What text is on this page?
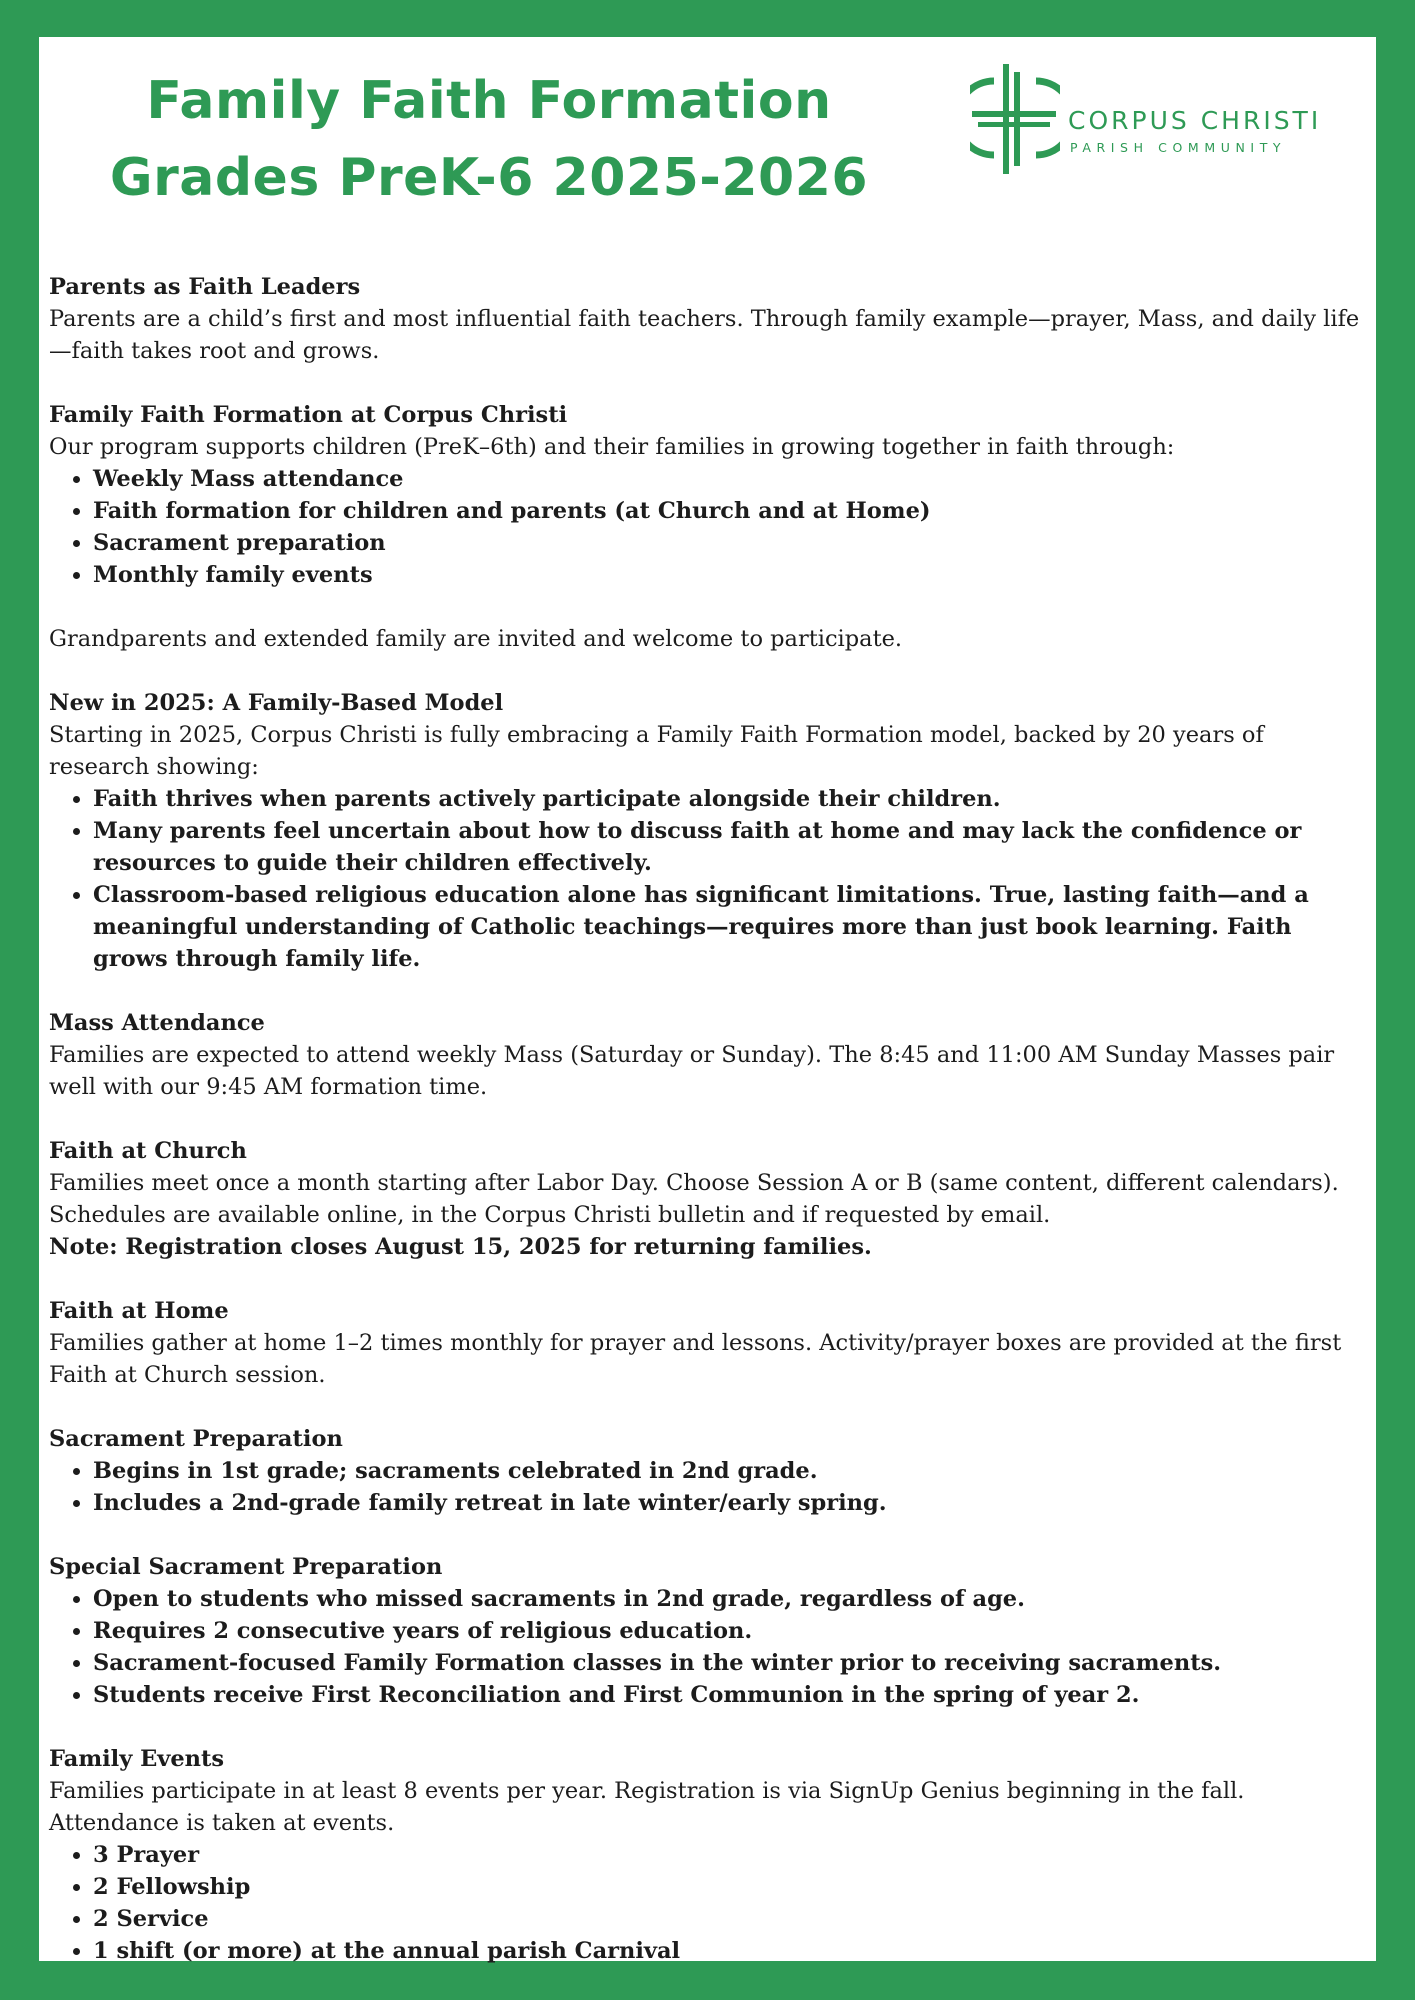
Family Faith Formation
Grades PreK-6 2025-2026
CORPUS CHRISTI
PARISH COMMUNITY
Parents as Faith Leaders

Parents are a child’s first and most influential faith teachers. Through family example—prayer, Mass, and daily life—faith takes root and grows.

Family Faith Formation at Corpus Christi

Our program supports children (PreK–6th) and their families in growing together in faith through:

• Weekly Mass attendance
• Faith formation for children and parents (at Church and at Home)
• Sacrament preparation
• Monthly family events

Grandparents and extended family are invited and welcome to participate.

New in 2025: A Family-Based Model

Starting in 2025, Corpus Christi is fully embracing a Family Faith Formation model, backed by 20 years of research showing:

• Faith thrives when parents actively participate alongside their children.
• Many parents feel uncertain about how to discuss faith at home and may lack the confidence or resources to guide their children effectively.
• Classroom-based religious education alone has significant limitations. True, lasting faith—and a meaningful understanding of Catholic teachings—requires more than just book learning. Faith grows through family life.
Mass Attendance

Families are expected to attend weekly Mass (Saturday or Sunday). The 8:45 and 11:00 AM Sunday Masses pair well with our 9:45 AM formation time.

Faith at Church

Families meet once a month starting after Labor Day. Choose Session A or B (same content, different calendars). Schedules are available online, in the Corpus Christi bulletin and if requested by email.

Note: Registration closes August 15, 2025 for returning families.

Faith at Home

Families gather at home 1–2 times monthly for prayer and lessons. Activity/prayer boxes are provided at the first Faith at Church session.

Sacrament Preparation
• Begins in 1st grade; sacraments celebrated in 2nd grade.
• Includes a 2nd-grade family retreat in late winter/early spring.
Special Sacrament Preparation
• Open to students who missed sacraments in 2nd grade, regardless of age.
• Requires 2 consecutive years of religious education.
• Sacrament-focused Family Formation classes in the winter prior to receiving sacraments.
• Students receive First Reconciliation and First Communion in the spring of year 2.
Family Events

Families participate in at least 8 events per year. Registration is via SignUp Genius beginning in the fall. Attendance is taken at events.

• 3 Prayer
• 2 Fellowship
• 2 Service
• 1 shift (or more) at the annual parish Carnival
